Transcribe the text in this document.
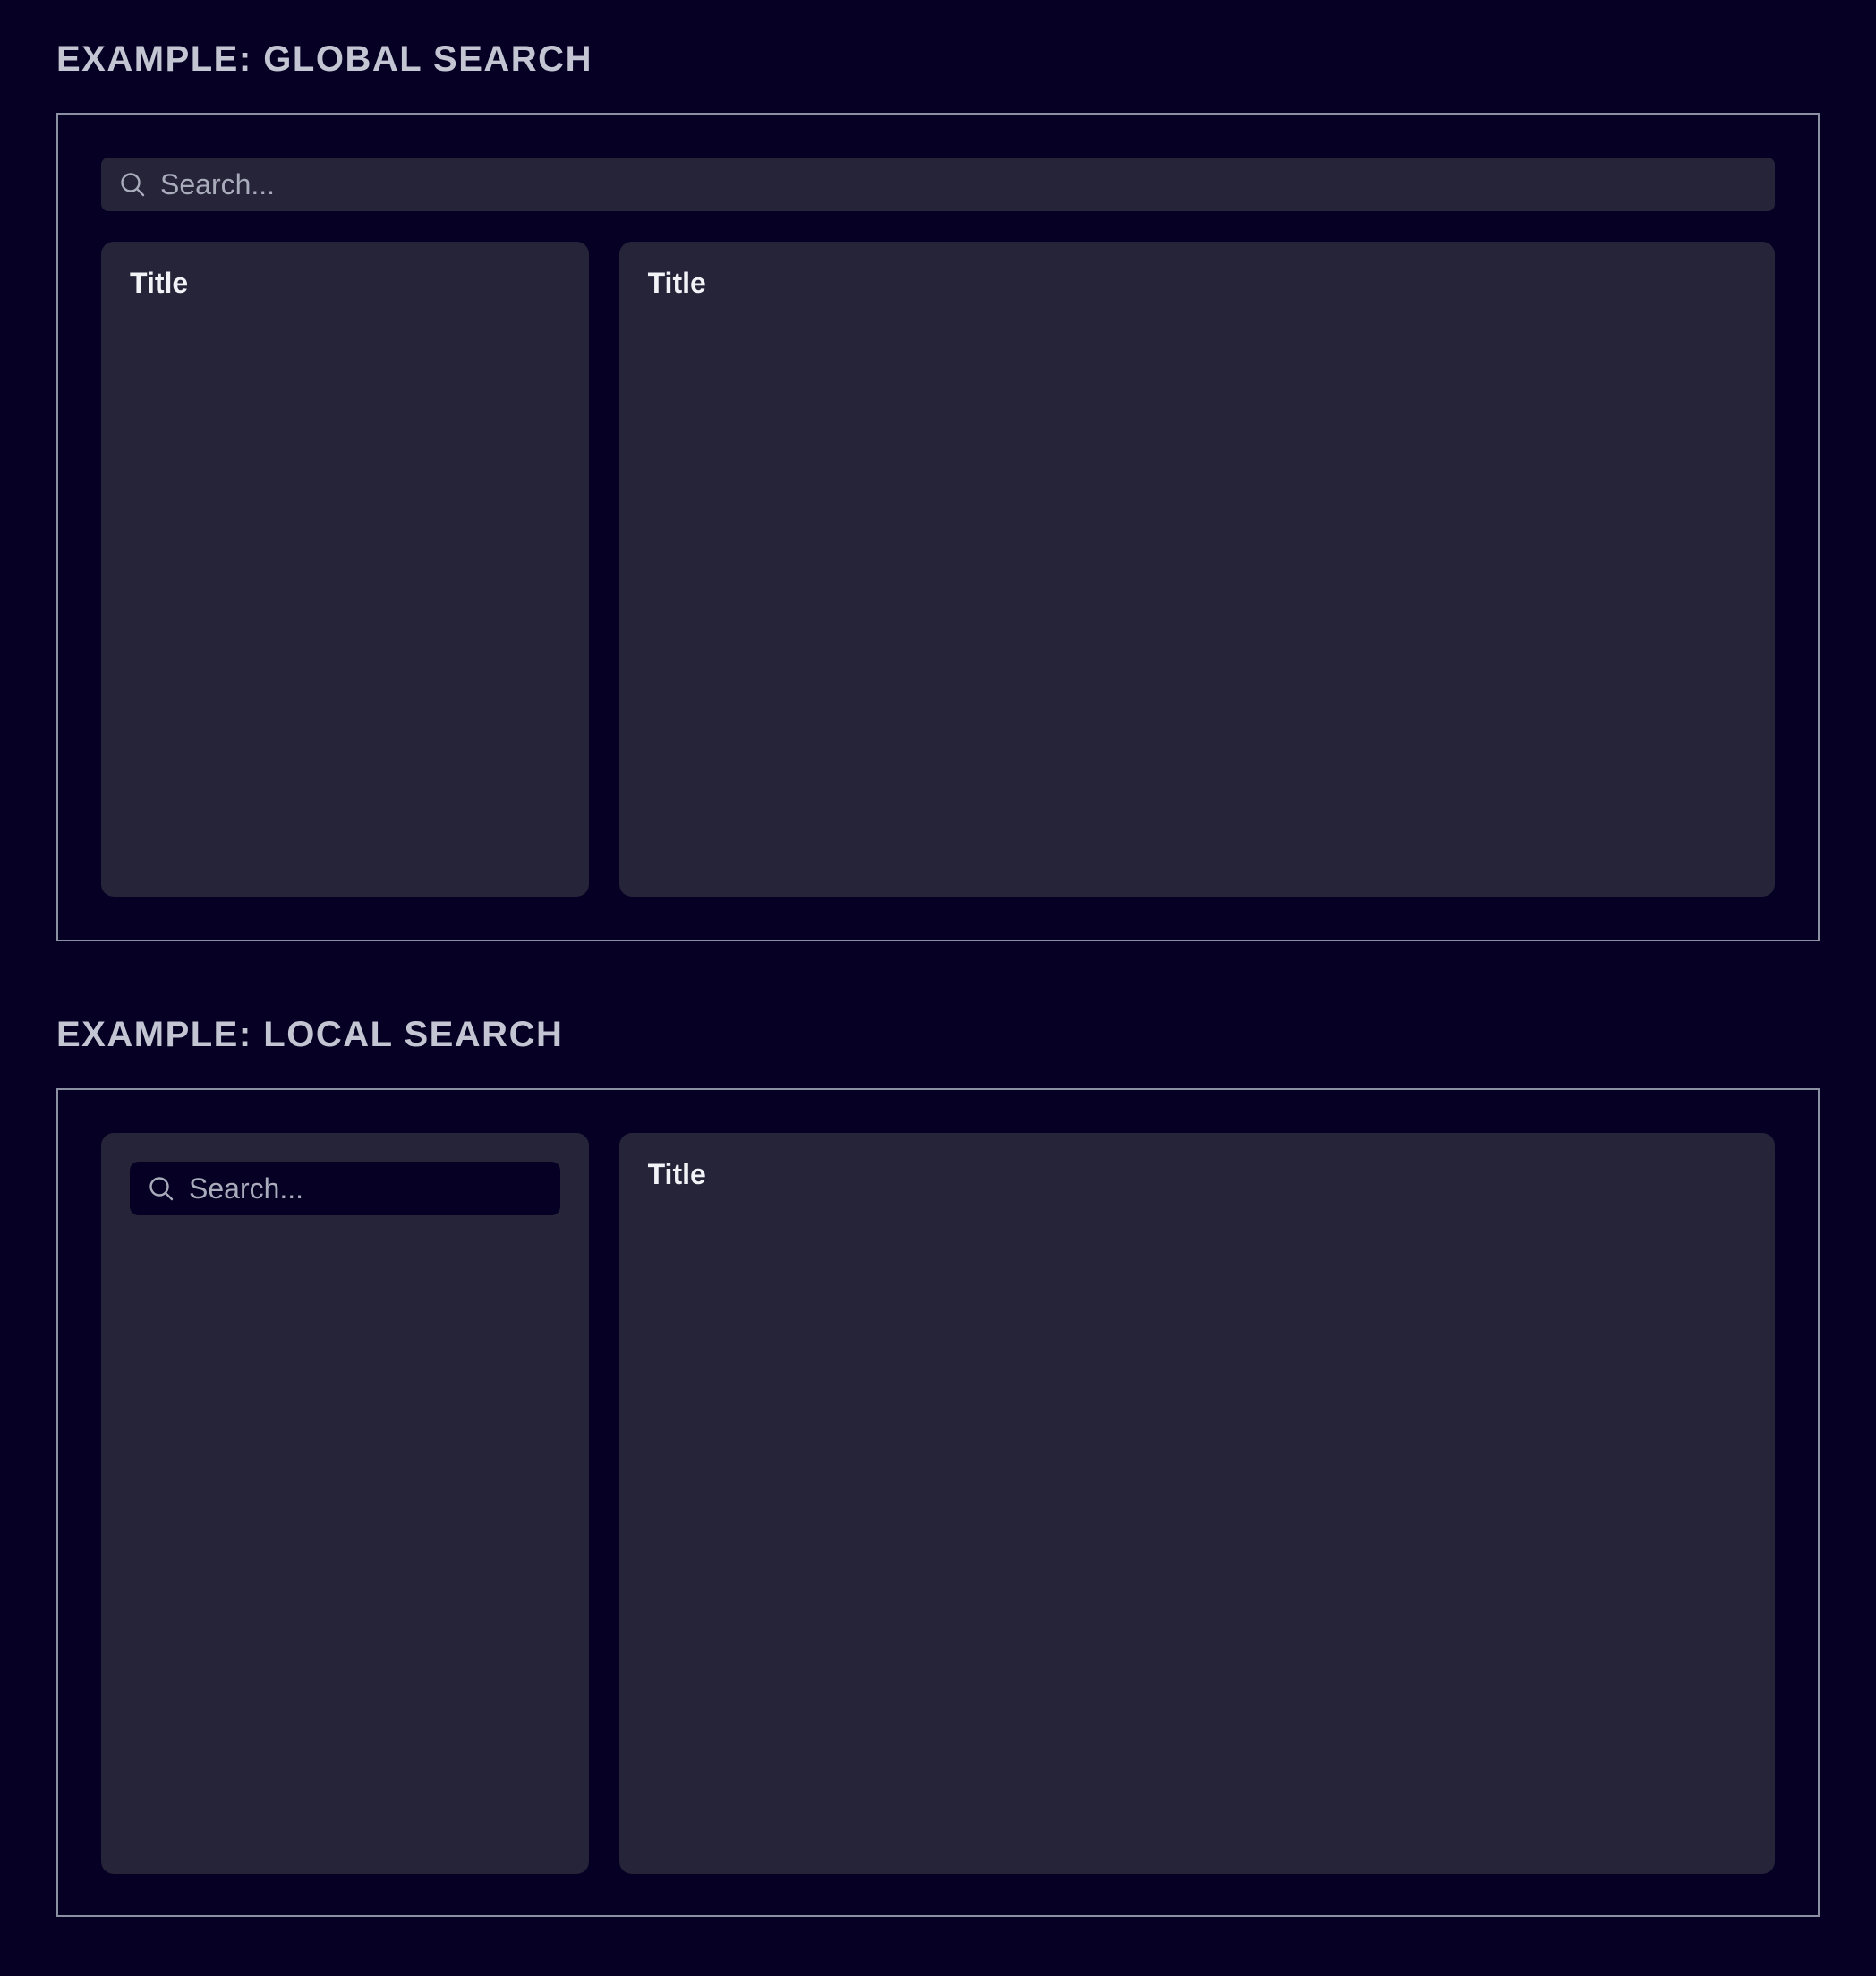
EXAMPLE: GLOBAL SEARCH
Search...
Title	Title
EXAMPLE: LOCAL SEARCH
Search...
Title
